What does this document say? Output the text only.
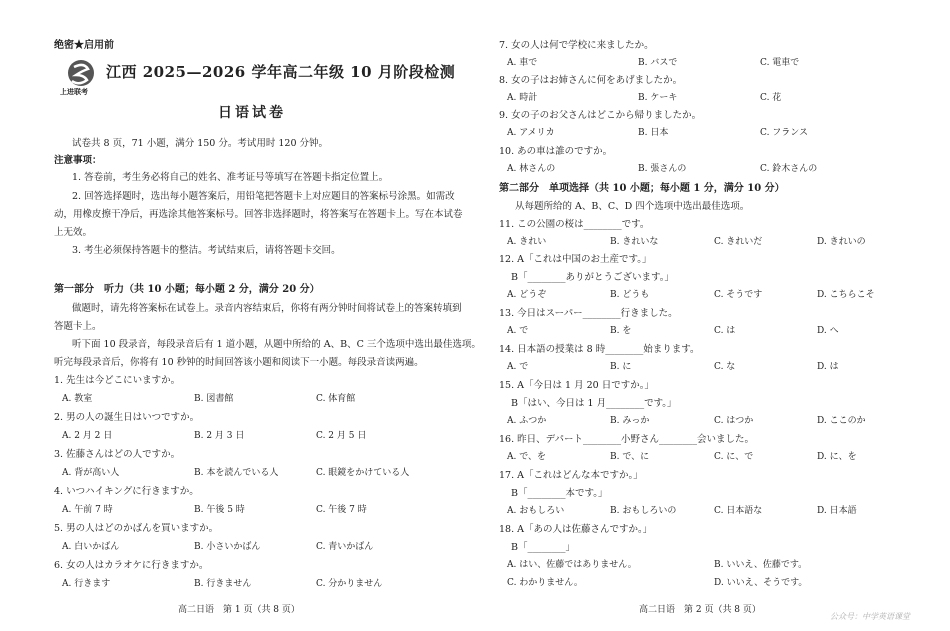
绝密★启用前
上进联考
江西 2025—2026 学年高二年级 10 月阶段检测
日语试卷
试卷共 8 页，71 小题，满分 150 分。考试用时 120 分钟。
注意事项：
1. 答卷前，考生务必将自己的姓名、准考证号等填写在答题卡指定位置上。
2. 回答选择题时，选出每小题答案后，用铅笔把答题卡上对应题目的答案标号涂黑。如需改
动，用橡皮擦干净后，再选涂其他答案标号。回答非选择题时，将答案写在答题卡上。写在本试卷
上无效。
3. 考生必须保持答题卡的整洁。考试结束后，请将答题卡交回。
第一部分　听力（共 10 小题；每小题 2 分，满分 20 分）
做题时，请先将答案标在试卷上。录音内容结束后，你将有两分钟时间将试卷上的答案转填到
答题卡上。
听下面 10 段录音，每段录音后有 1 道小题，从题中所给的 A、B、C 三个选项中选出最佳选项。
听完每段录音后，你将有 10 秒钟的时间回答该小题和阅读下一小题。每段录音读两遍。
1. 先生は今どこにいますか。
A. 教室	B. 図書館	C. 体育館
2. 男の人の誕生日はいつですか。
A. 2 月 2 日	B. 2 月 3 日	C. 2 月 5 日
3. 佐藤さんはどの人ですか。
A. 背が高い人	B. 本を読んでいる人	C. 眼鏡をかけている人
4. いつハイキングに行きますか。
A. 午前 7 時	B. 午後 5 時	C. 午後 7 時
5. 男の人はどのかばんを買いますか。
A. 白いかばん	B. 小さいかばん	C. 青いかばん
6. 女の人はカラオケに行きますか。
A. 行きます	B. 行きません	C. 分かりません
高二日语　第 1 页（共 8 页）
7. 女の人は何で学校に来ましたか。
A. 車で	B. バスで	C. 電車で
8. 女の子はお姉さんに何をあげましたか。
A. 時計	B. ケーキ	C. 花
9. 女の子のお父さんはどこから帰りましたか。
A. アメリカ	B. 日本	C. フランス
10. あの車は誰のですか。
A. 林さんの	B. 張さんの	C. 鈴木さんの
第二部分　单项选择（共 10 小题；每小题 1 分，满分 10 分）
从每题所给的 A、B、C、D 四个选项中选出最佳选项。
11. この公園の桜は________です。
A. きれい	B. きれいな	C. きれいだ	D. きれいの
12. A「これは中国のお土産です。」
B「________ありがとうございます。」
A. どうぞ	B. どうも	C. そうです	D. こちらこそ
13. 今日はスーパー________行きました。
A. で	B. を	C. は	D. へ
14. 日本語の授業は 8 時________始まります。
A. で	B. に	C. な	D. は
15. A「今日は 1 月 20 日ですか。」
B「はい、今日は 1 月________です。」
A. ふつか	B. みっか	C. はつか	D. ここのか
16. 昨日、デパート________小野さん________会いました。
A. で、を	B. で、に	C. に、で	D. に、を
17. A「これはどんな本ですか。」
B「________本です。」
A. おもしろい	B. おもしろいの	C. 日本語な	D. 日本語
18. A「あの人は佐藤さんですか。」
B「________」
A. はい、佐藤ではありません。	B. いいえ、佐藤です。
C. わかりません。	D. いいえ、そうです。
高二日语　第 2 页（共 8 页）
公众号：中学英语课堂
